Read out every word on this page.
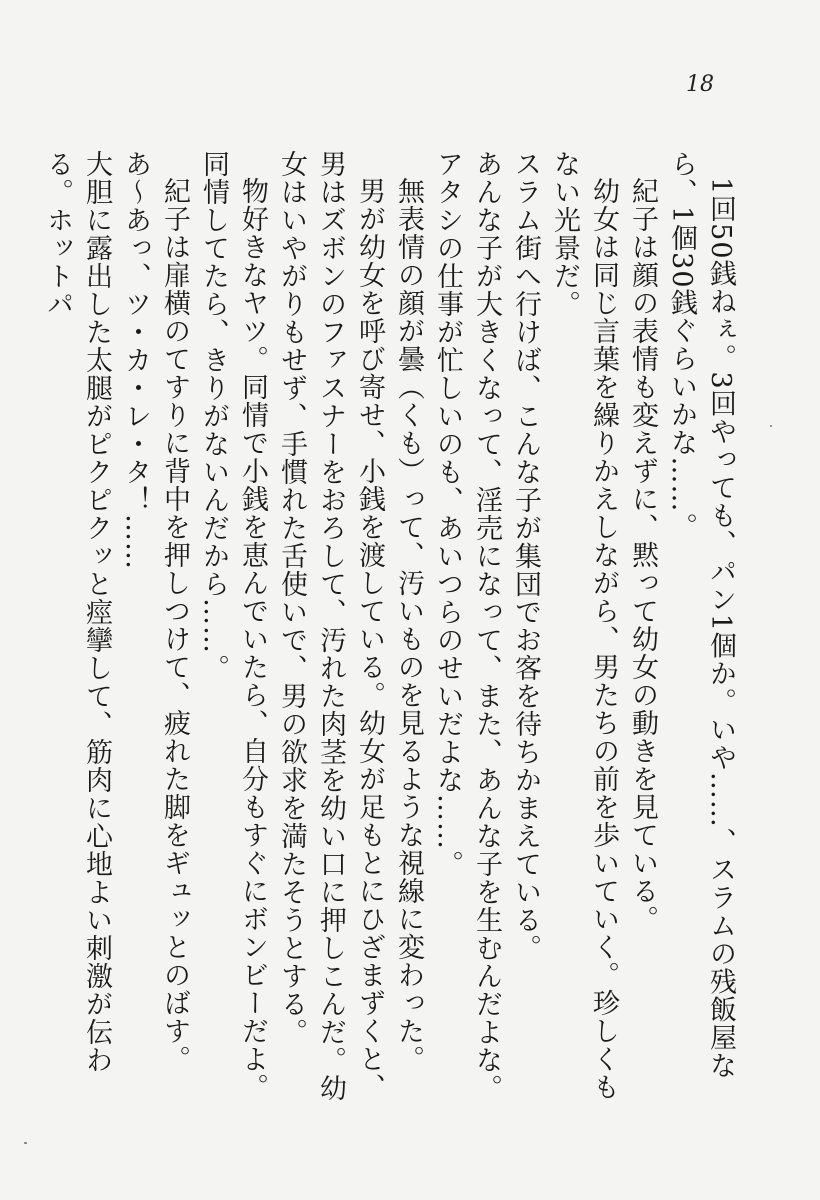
18

1回50銭ねぇ。3回やっても、パン1個か。いや……、スラムの残飯屋なら、1個30銭ぐらいかな……。

紀子は顔の表情も変えずに、黙って幼女の動きを見ている。

幼女は同じ言葉を繰りかえしながら、男たちの前を歩いていく。珍しくもない光景だ。

スラム街へ行けば、こんな子が集団でお客を待ちかまえている。

あんな子が大きくなって、淫売になって、また、あんな子を生むんだよな。アタシの仕事が忙しいのも、あいつらのせいだよな……。

無表情の顔が曇（くも）って、汚いものを見るような視線に変わった。

男が幼女を呼び寄せ、小銭を渡している。幼女が足もとにひざまずくと、男はズボンのファスナーをおろして、汚れた肉茎を幼い口に押しこんだ。幼女はいやがりもせず、手慣れた舌使いで、男の欲求を満たそうとする。

物好きなヤツ。同情で小銭を恵んでいたら、自分もすぐにボンビーだよ。同情してたら、きりがないんだから……。

紀子は扉横のてすりに背中を押しつけて、疲れた脚をギュッとのばす。

あ〜あっ、ツ・カ・レ・タ！……

大胆に露出した太腿がピクピクッと痙攣して、筋肉に心地よい刺激が伝わる。ホットパ
